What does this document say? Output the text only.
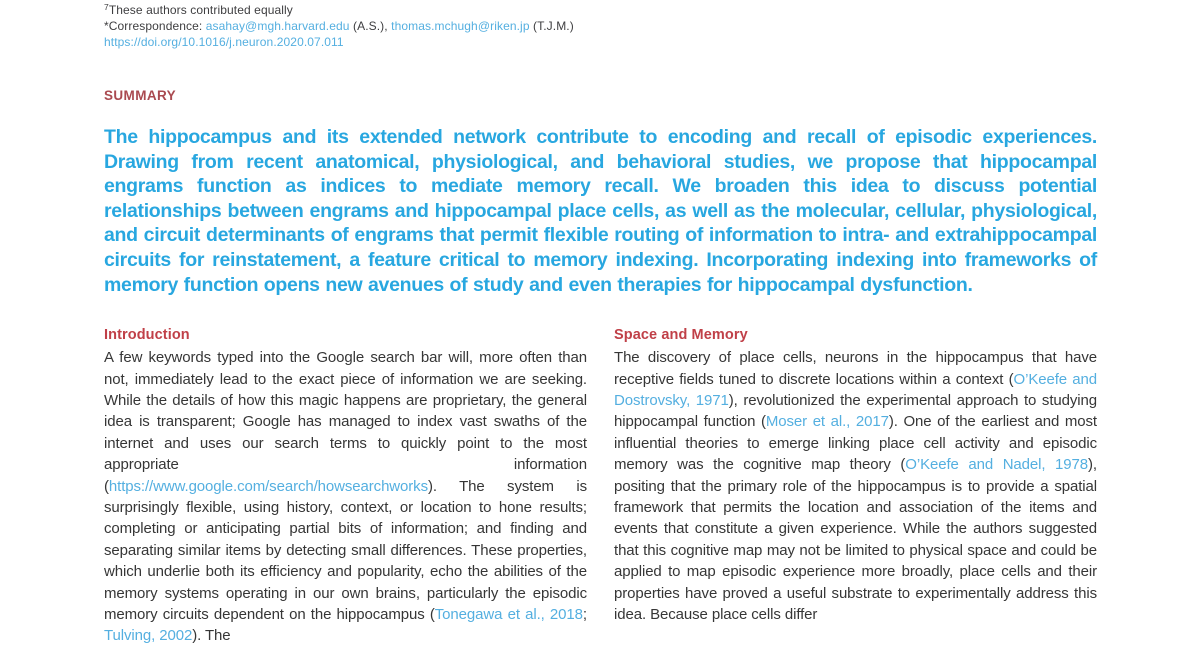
$^7$These authors contributed equally
*Correspondence: asahay@mgh.harvard.edu (A.S.), thomas.mchugh@riken.jp (T.J.M.)
https://doi.org/10.1016/j.neuron.2020.07.011
SUMMARY
The hippocampus and its extended network contribute to encoding and recall of episodic experiences. Drawing from recent anatomical, physiological, and behavioral studies, we propose that hippocampal engrams function as indices to mediate memory recall. We broaden this idea to discuss potential relationships between engrams and hippocampal place cells, as well as the molecular, cellular, physiological, and circuit determinants of engrams that permit flexible routing of information to intra- and extrahippocampal circuits for reinstatement, a feature critical to memory indexing. Incorporating indexing into frameworks of memory function opens new avenues of study and even therapies for hippocampal dysfunction.
Introduction
A few keywords typed into the Google search bar will, more often than not, immediately lead to the exact piece of information we are seeking. While the details of how this magic happens are proprietary, the general idea is transparent; Google has managed to index vast swaths of the internet and uses our search terms to quickly point to the most appropriate information (https://www.google.com/search/howsearchworks). The system is surprisingly flexible, using history, context, or location to hone results; completing or anticipating partial bits of information; and finding and separating similar items by detecting small differences. These properties, which underlie both its efficiency and popularity, echo the abilities of the memory systems operating in our own brains, particularly the episodic memory circuits dependent on the hippocampus (Tonegawa et al., 2018; Tulving, 2002). The
Space and Memory
The discovery of place cells, neurons in the hippocampus that have receptive fields tuned to discrete locations within a context (O’Keefe and Dostrovsky, 1971), revolutionized the experimental approach to studying hippocampal function (Moser et al., 2017). One of the earliest and most influential theories to emerge linking place cell activity and episodic memory was the cognitive map theory (O’Keefe and Nadel, 1978), positing that the primary role of the hippocampus is to provide a spatial framework that permits the location and association of the items and events that constitute a given experience. While the authors suggested that this cognitive map may not be limited to physical space and could be applied to map episodic experience more broadly, place cells and their properties have proved a useful substrate to experimentally address this idea. Because place cells differ
